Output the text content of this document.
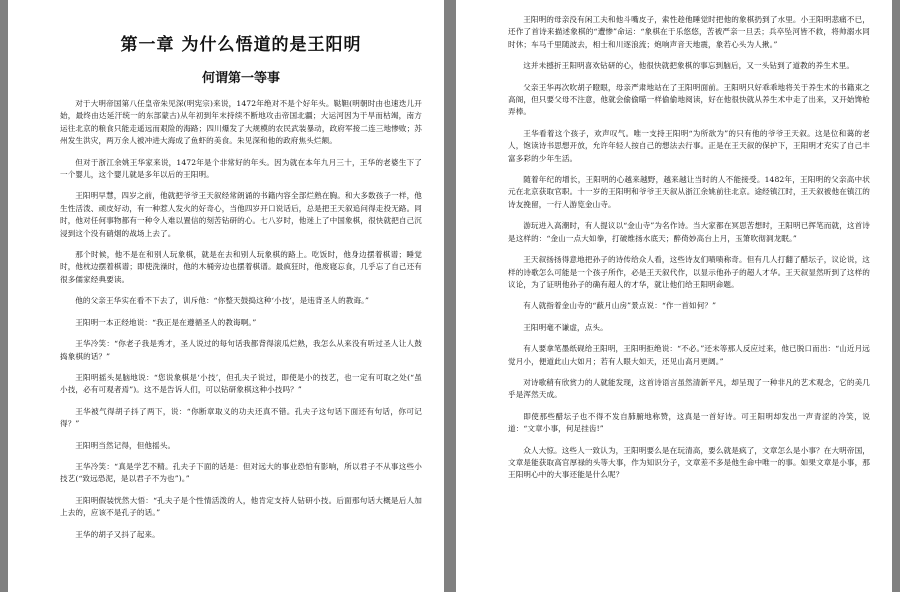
第一章 为什么悟道的是王阳明
何谓第一等事

对于大明帝国第八任皇帝朱见深(明宪宗)来说，1472年绝对不是个好年头。鞑靼(明朝时由也速迭儿开始，最终由达延汗统一的东部蒙古)从年初到年末持续不断地攻击帝国北疆；大运河因为干旱而枯竭，南方运往北京的粮食只能走遥远而艰险的海路；四川爆发了大规模的农民武装暴动，政府军接二连三地惨败；苏州发生洪灾，两万余人被冲进大海成了鱼虾的美食。朱见深和他的政府焦头烂额。

但对于浙江余姚王华家来说，1472年是个非常好的年头。因为就在本年九月三十，王华的老婆生下了一个婴儿，这个婴儿就是多年以后的王阳明。

王阳明早慧，四岁之前，他就把爷爷王天叙经常朗诵的书籍内容全部烂熟在胸。和大多数孩子一样，他生性活泼、顽皮好动，有一种惹人发火的好奇心，当他四岁开口说话后，总是把王天叙追问得走投无路。同时，他对任何事物都有一种令人难以置信的刻苦钻研的心。七八岁时，他迷上了中国象棋，很快就把自己沉浸到这个没有硝烟的战场上去了。

那个时候，他不是在和别人玩象棋，就是在去和别人玩象棋的路上。吃饭时，他身边摆着棋谱；睡觉时，他枕边摆着棋谱；即使洗澡时，他的木桶旁边也摆着棋谱。最疯狂时，他废寝忘食，几乎忘了自己还有很多儒家经典要读。

他的父亲王华实在看不下去了，训斥他：“你整天鼓捣这种‘小技’，是违背圣人的教诲。”

王阳明一本正经地说：“我正是在遵循圣人的教诲啊。”

王华冷笑：“你老子我是秀才，圣人说过的每句话我都背得滚瓜烂熟，我怎么从来没有听过圣人让人鼓捣象棋的话？”

王阳明摇头晃脑地说：“您说象棋是‘小技’，但孔夫子说过，即使是小的技艺，也一定有可取之处(“虽小技，必有可观者焉”)。这不是告诉人们，可以钻研象棋这种小技吗？”

王华被气得胡子抖了两下，说：“你断章取义的功夫还真不错。孔夫子这句话下面还有句话，你可记得？”

王阳明当然记得，但他摇头。

王华冷笑：“真是学艺不精。孔夫子下面的话是：但对远大的事业恐怕有影响，所以君子不从事这些小技艺(“致远恐泥，是以君子不为也”)。”

王阳明假装恍然大悟：“孔夫子是个性情活泼的人，他肯定支持人钻研小技。后面那句话大概是后人加上去的，应该不是孔子的话。”

王华的胡子又抖了起来。

王阳明的母亲没有闲工夫和他斗嘴皮子，索性趁他睡觉时把他的象棋扔到了水里。小王阳明悲痛不已，还作了首诗来描述象棋的“遭惨”命运：“象棋在于乐悠悠，苦被严亲一旦丢；兵卒坠河皆不救，将帅溺水同时休；车马千里随波去，相士和川逐浪流；炮响声音天地震，象若心头为人揪。”

这并未撼折王阳明喜欢钻研的心，他很快就把象棋的事忘到脑后，又一头钻到了道教的养生术里。

父亲王华再次吹胡子瞪眼，母亲严肃地站在了王阳明面前。王阳明只好乖乖地将关于养生术的书籍束之高阁，但只要父母不注意，他就会偷偷瞄一样偷偷地阅读，好在他很快就从养生术中走了出来，又开始馋枪弄棒。

王华看着这个孩子，欢声叹气。唯一支持王阳明“为所欲为”的只有他的爷爷王天叙。这是位和蔼的老人，饱读诗书思想开放，允许年轻人按自己的想法去行事。正是在王天叙的保护下，王阳明才充实了自己丰富多彩的少年生活。

随着年纪的增长，王阳明的心越来越野，越来越让当时的人不能接受。1482年，王阳明的父亲高中状元在北京获取官职。十一岁的王阳明和爷爷王天叙从浙江余姚前往北京。途经镇江时，王天叙被他在镇江的诗友挽留，一行人游览金山寺。

游玩进入高潮时，有人提议以“金山寺”为名作诗。当大家都在冥思苦想时，王阳明已挥笔而就，这首诗是这样的：“金山一点大如拳，打破维扬水底天；醉倚妙高台上月，玉箫吹彻洞龙眠。”

王天叙扬扬得意地把孙子的诗传给众人看，这些诗友们啧啧称奇。但有几人打翻了醋坛子，议论说，这样的诗歌怎么可能是一个孩子所作，必是王天叙代作，以显示他孙子的超人才华。王天叙显然听到了这样的议论，为了证明他孙子的确有超人的才华，就让他们给王阳明命题。

有人就指着金山寺的“蔽月山房”景点说：“作一首如何？”

王阳明毫不谦虚，点头。

有人要拿笔墨纸砚给王阳明，王阳明拒绝说：“不必。”还未等那人反应过来，他已脱口而出：“山近月远觉月小，便道此山大如月；若有人眼大如天，还见山高月更阔。”

对诗歌稍有欣赏力的人就能发现，这首诗语言虽然清新平凡，却呈现了一种非凡的艺术观念，它的美几乎是浑然天成。

即使那些醋坛子也不得不发自肺腑地称赞，这真是一首好诗。可王阳明却发出一声青涩的冷笑，说道：“文章小事，何足挂齿!”

众人大惊。这些人一致认为，王阳明要么是在玩清高，要么就是疯了，文章怎么是小事？在大明帝国，文章是能获取高官厚禄的头等大事，作为知识分子，文章差不多是他生命中唯一的事。如果文章是小事，那王阳明心中的大事还能是什么呢？
